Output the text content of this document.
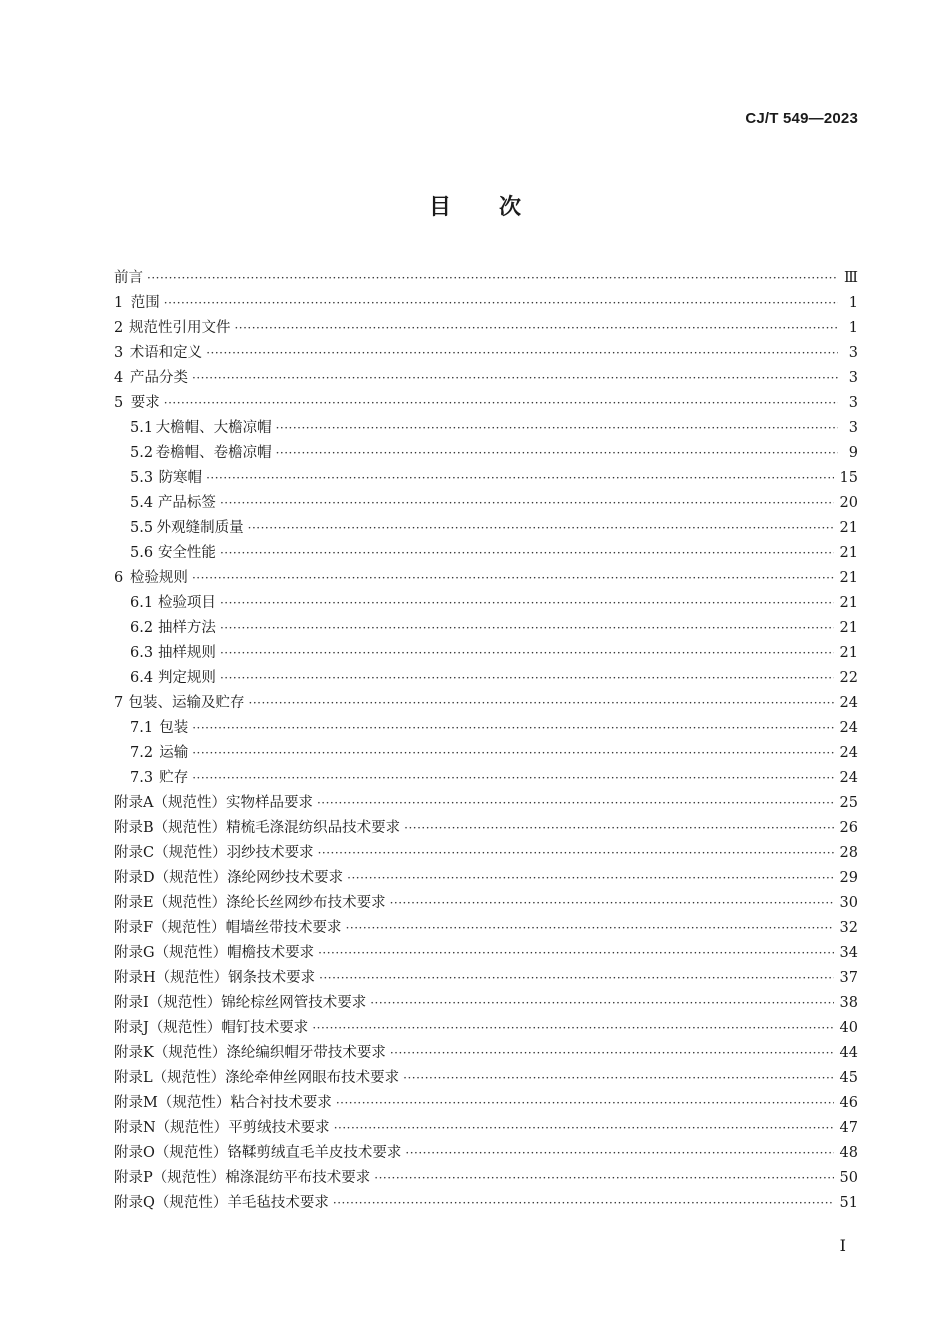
CJ/T 549—2023
目 次
前言 ·····	Ⅲ
1 范围 ·····	1
2 规范性引用文件 ·····	1
3 术语和定义 ·····	3
4 产品分类 ·····	3
5 要求 ·····	3
5.1 大檐帽、大檐凉帽 ·····	3
5.2 卷檐帽、卷檐凉帽 ·····	9
5.3 防寒帽 ·····	15
5.4 产品标签 ·····	20
5.5 外观缝制质量 ·····	21
5.6 安全性能 ·····	21
6 检验规则 ·····	21
6.1 检验项目 ·····	21
6.2 抽样方法 ·····	21
6.3 抽样规则 ·····	21
6.4 判定规则 ·····	22
7 包装、运输及贮存 ·····	24
7.1 包装 ·····	24
7.2 运输 ·····	24
7.3 贮存 ·····	24
附录A（规范性） 实物样品要求 ·····	25
附录B（规范性） 精梳毛涤混纺织品技术要求 ·····	26
附录C（规范性） 羽纱技术要求 ·····	28
附录D（规范性） 涤纶网纱技术要求 ·····	29
附录E（规范性） 涤纶长丝网纱布技术要求 ·····	30
附录F（规范性） 帽墙丝带技术要求 ·····	32
附录G（规范性） 帽檐技术要求 ·····	34
附录H（规范性） 钢条技术要求 ·····	37
附录I（规范性） 锦纶棕丝网管技术要求 ·····	38
附录J（规范性） 帽钉技术要求 ·····	40
附录K（规范性） 涤纶编织帽牙带技术要求 ·····	44
附录L（规范性） 涤纶牵伸丝网眼布技术要求 ·····	45
附录M（规范性） 粘合衬技术要求 ·····	46
附录N（规范性） 平剪绒技术要求 ·····	47
附录O（规范性） 铬鞣剪绒直毛羊皮技术要求 ·····	48
附录P（规范性） 棉涤混纺平布技术要求 ·····	50
附录Q（规范性） 羊毛毡技术要求 ·····	51
Ⅰ
